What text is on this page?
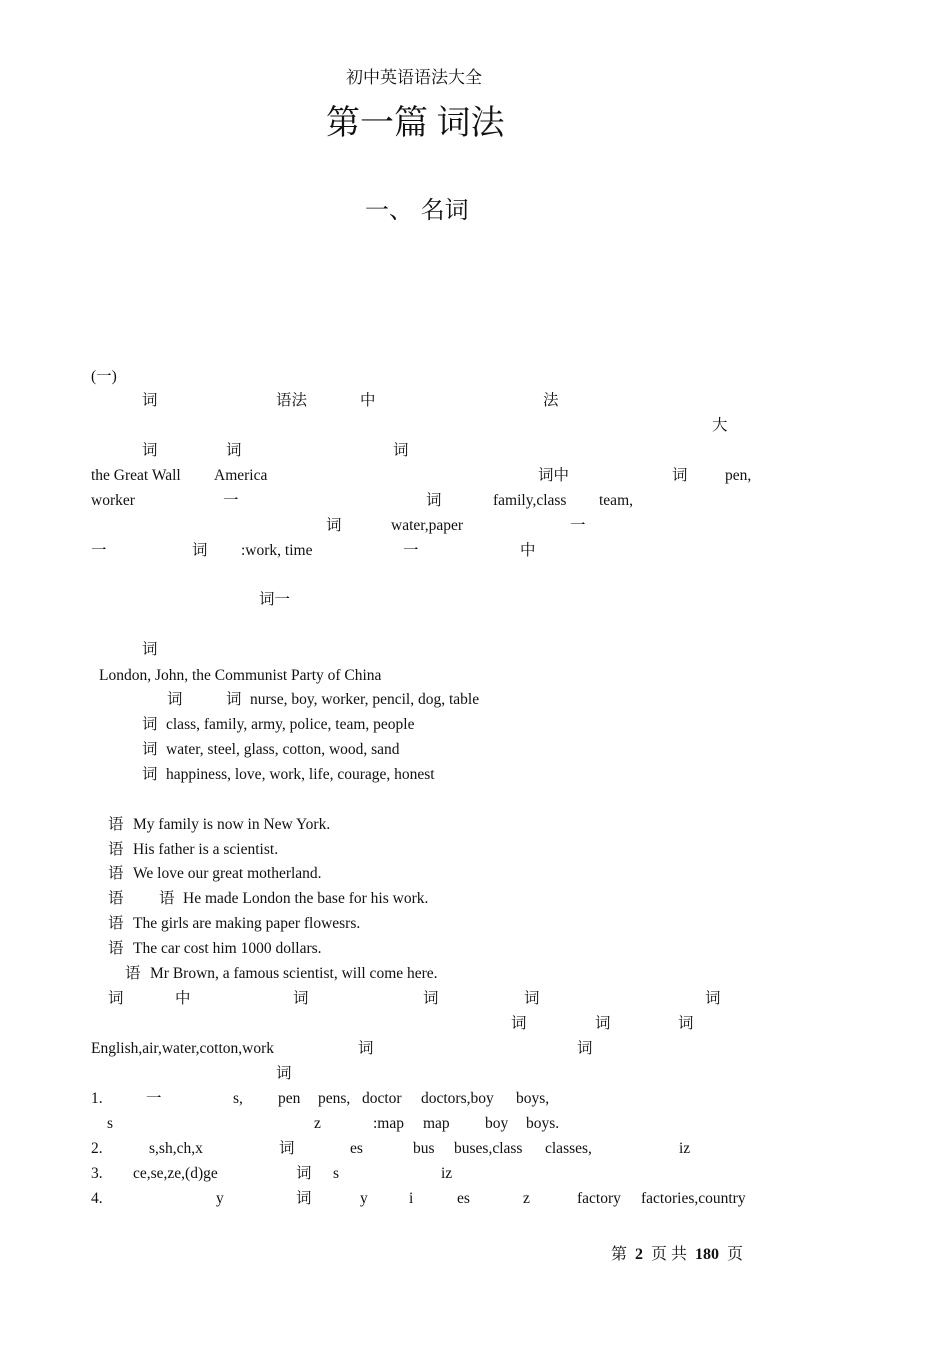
初中英语语法大全
第一篇 词法
一、 名词
(一)
词	语法	中	法
大
词	词	词
the Great Wall America	词中	词 pen,
worker	一	词	family,class team,
词	water,paper	一
一	词 :work, time	一	中
词一
词
London, John, the Communist Party of China
词	词 nurse, boy, worker, pencil, dog, table
词 class, family, army, police, team, people
词 water, steel, glass, cotton, wood, sand
词 happiness, love, work, life, courage, honest
语 My family is now in New York.
语 His father is a scientist.
语 We love our great motherland.
语 语 He made London the base for his work.
语 The girls are making paper flowesrs.
语 The car cost him 1000 dollars.
语 Mr Brown, a famous scientist, will come here.
词	中	词	词	词	词
词	词	词
English,air,water,cotton,work	词	词
词
1.	一	s, pen pens, doctor doctors,boy boys,
s	z	:map map boy boys.
2.	s,sh,ch,x	词	es	bus buses,class classes,	iz
3. ce,se,ze,(d)ge	词 s	iz
4.	y	词	y	i	es	z	factory factories,country
第 2 页 共 180 页
